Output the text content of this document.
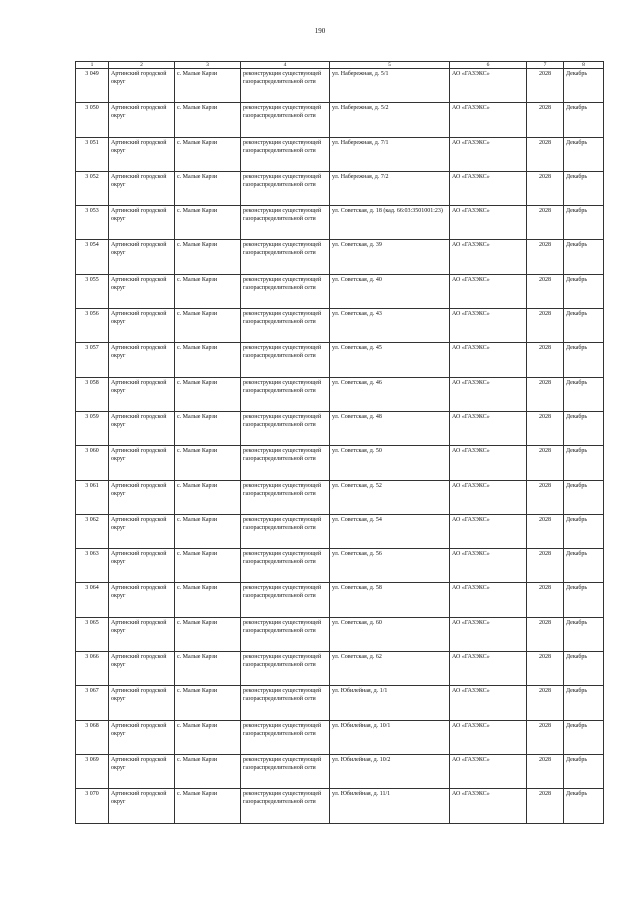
190
1	2	3	4	5	6	7	8
3 049	Артинский городской округ	с. Малые Карзи	реконструкция существующей газораспределительной сети	ул. Набережная, д. 5/1	АО «ГАЗЭКС»	2028	Декабрь
3 050	Артинский городской округ	с. Малые Карзи	реконструкция существующей газораспределительной сети	ул. Набережная, д. 5/2	АО «ГАЗЭКС»	2028	Декабрь
3 051	Артинский городской округ	с. Малые Карзи	реконструкция существующей газораспределительной сети	ул. Набережная, д. 7/1	АО «ГАЗЭКС»	2028	Декабрь
3 052	Артинский городской округ	с. Малые Карзи	реконструкция существующей газораспределительной сети	ул. Набережная, д. 7/2	АО «ГАЗЭКС»	2028	Декабрь
3 053	Артинский городской округ	с. Малые Карзи	реконструкция существующей газораспределительной сети	ул. Советская, д. 18 (кад. 66:03:3501001:23)	АО «ГАЗЭКС»	2028	Декабрь
3 054	Артинский городской округ	с. Малые Карзи	реконструкция существующей газораспределительной сети	ул. Советская, д. 39	АО «ГАЗЭКС»	2028	Декабрь
3 055	Артинский городской округ	с. Малые Карзи	реконструкция существующей газораспределительной сети	ул. Советская, д. 40	АО «ГАЗЭКС»	2028	Декабрь
3 056	Артинский городской округ	с. Малые Карзи	реконструкция существующей газораспределительной сети	ул. Советская, д. 43	АО «ГАЗЭКС»	2028	Декабрь
3 057	Артинский городской округ	с. Малые Карзи	реконструкция существующей газораспределительной сети	ул. Советская, д. 45	АО «ГАЗЭКС»	2028	Декабрь
3 058	Артинский городской округ	с. Малые Карзи	реконструкция существующей газораспределительной сети	ул. Советская, д. 46	АО «ГАЗЭКС»	2028	Декабрь
3 059	Артинский городской округ	с. Малые Карзи	реконструкция существующей газораспределительной сети	ул. Советская, д. 48	АО «ГАЗЭКС»	2028	Декабрь
3 060	Артинский городской округ	с. Малые Карзи	реконструкция существующей газораспределительной сети	ул. Советская, д. 50	АО «ГАЗЭКС»	2028	Декабрь
3 061	Артинский городской округ	с. Малые Карзи	реконструкция существующей газораспределительной сети	ул. Советская, д. 52	АО «ГАЗЭКС»	2028	Декабрь
3 062	Артинский городской округ	с. Малые Карзи	реконструкция существующей газораспределительной сети	ул. Советская, д. 54	АО «ГАЗЭКС»	2028	Декабрь
3 063	Артинский городской округ	с. Малые Карзи	реконструкция существующей газораспределительной сети	ул. Советская, д. 56	АО «ГАЗЭКС»	2028	Декабрь
3 064	Артинский городской округ	с. Малые Карзи	реконструкция существующей газораспределительной сети	ул. Советская, д. 58	АО «ГАЗЭКС»	2028	Декабрь
3 065	Артинский городской округ	с. Малые Карзи	реконструкция существующей газораспределительной сети	ул. Советская, д. 60	АО «ГАЗЭКС»	2028	Декабрь
3 066	Артинский городской округ	с. Малые Карзи	реконструкция существующей газораспределительной сети	ул. Советская, д. 62	АО «ГАЗЭКС»	2028	Декабрь
3 067	Артинский городской округ	с. Малые Карзи	реконструкция существующей газораспределительной сети	ул. Юбилейная, д. 1/1	АО «ГАЗЭКС»	2028	Декабрь
3 068	Артинский городской округ	с. Малые Карзи	реконструкция существующей газораспределительной сети	ул. Юбилейная, д. 10/1	АО «ГАЗЭКС»	2028	Декабрь
3 069	Артинский городской округ	с. Малые Карзи	реконструкция существующей газораспределительной сети	ул. Юбилейная, д. 10/2	АО «ГАЗЭКС»	2028	Декабрь
3 070	Артинский городской округ	с. Малые Карзи	реконструкция существующей газораспределительной сети	ул. Юбилейная, д. 11/1	АО «ГАЗЭКС»	2028	Декабрь
